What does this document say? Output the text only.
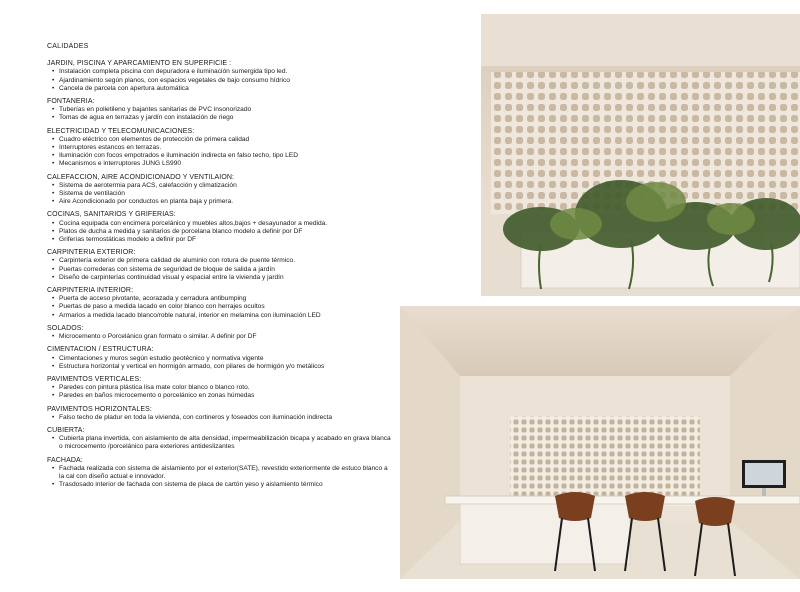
CALIDADES
JARDIN, PISCINA Y APARCAMIENTO EN SUPERFICIE :
• Instalación completa piscina con depuradora e iluminación sumergida tipo led.
• Ajardinamiento según planos, con espacios vegetales de bajo consumo hídrico
• Cancela de parcela con apertura automática
FONTANERIA:
• Tuberías en polietileno y bajantes sanitarias de PVC insonorizado
• Tomas de agua en terrazas y jardín con instalación de riego
ELECTRICIDAD Y TELECOMUNICACIONES:
• Cuadro eléctrico con elementos de protección de primera calidad
• Interruptores estancos en terrazas.
• Iluminación con focos empotrados e iluminación indirecta en falso techo, tipo LED
• Mecanismos e interruptores JUNG LS990
CALEFACCION, AIRE ACONDICIONADO Y VENTILAION:
• Sistema de aerotermia para ACS, calefacción y climatización
• Sistema de ventilación
• Aire Acondicionado por conductos en planta baja y primera.
COCINAS, SANITARIOS Y GRIFERIAS:
• Cocina equipada con encimera porcelánico y muebles altos,bajos + desayunador a medida.
• Platos de ducha a medida y sanitarios de porcelana blanco modelo a definir por DF
• Griferías termostáticas modelo a definir por DF
CARPINTERIA EXTERIOR:
• Carpintería exterior de primera calidad de aluminio con rotura de puente térmico.
• Puertas correderas con sistema de seguridad de bloque de salida a jardín
• Diseño de carpinterías continuidad visual y espacial entre la vivienda y jardín
CARPINTERIA INTERIOR:
• Puerta de acceso pivotante, acorazada y cerradura antibumping
• Puertas de paso a medida lacado en color blanco con herrajes ocultos
• Armarios a medida lacado blanco/roble natural, interior en melamina con iluminación LED
SOLADOS:
• Microcemento o Porcelánico gran formato o similar. A definir por DF
CIMENTACION / ESTRUCTURA:
• Cimentaciones y muros según estudio geotécnico y normativa vigente
• Estructura horizontal y vertical en hormigón armado, con pilares de hormigón y/o metálicos
PAVIMENTOS VERTICALES:
• Paredes con pintura plástica lisa mate color blanco o blanco roto.
• Paredes en baños microcemento o porcelánico en zonas húmedas
PAVIMENTOS HORIZONTALES:
• Falso techo de pladur en toda la vivienda, con cortineros y foseados con iluminación indirecta
CUBIERTA:
• Cubierta plana invertida, con aislamiento de alta densidad, impermeabilización bicapa y acabado en grava blanca o microcemento /porcelánico para exteriores antideslizantes
FACHADA:
• Fachada realizada con sistema de aislamiento por el exterior(SATE), revestido exteriormente de estuco blanco a la cal con diseño actual e innovador.
• Trasdosado interior de fachada con sistema de placa de cartón yeso y aislamiento térmico
habitaclia
